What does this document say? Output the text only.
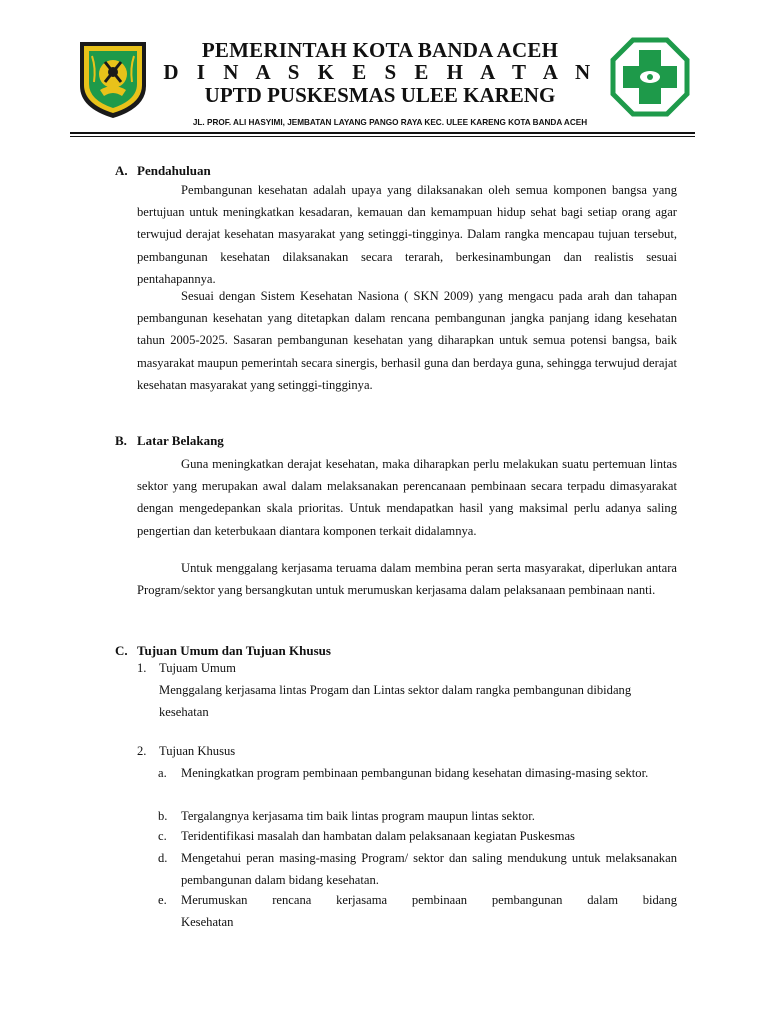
PEMERINTAH KOTA BANDA ACEH
D I N A S K E S E H A T A N
UPTD PUSKESMAS ULEE KARENG
JL. PROF. ALI HASYIMI, JEMBATAN LAYANG PANGO RAYA KEC. ULEE KARENG KOTA BANDA ACEH
A. Pendahuluan
Pembangunan kesehatan adalah upaya yang dilaksanakan oleh semua komponen bangsa yang bertujuan untuk meningkatkan kesadaran, kemauan dan kemampuan hidup sehat bagi setiap orang agar terwujud derajat kesehatan masyarakat yang setinggi-tingginya. Dalam rangka mencapau tujuan tersebut, pembangunan kesehatan dilaksanakan secara terarah, berkesinambungan dan realistis sesuai pentahapannya.
Sesuai dengan Sistem Kesehatan Nasiona ( SKN 2009) yang mengacu pada arah dan tahapan pembangunan kesehatan yang ditetapkan dalam rencana pembangunan jangka panjang idang kesehatan tahun 2005-2025. Sasaran pembangunan kesehatan yang diharapkan untuk semua potensi bangsa, baik masyarakat maupun pemerintah secara sinergis, berhasil guna dan berdaya guna, sehingga terwujud derajat kesehatan masyarakat yang setinggi-tingginya.
B. Latar Belakang
Guna meningkatkan derajat kesehatan, maka diharapkan perlu melakukan suatu pertemuan lintas sektor yang merupakan awal dalam melaksanakan perencanaan pembinaan secara terpadu dimasyarakat dengan mengedepankan skala prioritas. Untuk mendapatkan hasil yang maksimal perlu adanya saling pengertian dan keterbukaan diantara komponen terkait didalamnya.
Untuk menggalang kerjasama teruama dalam membina peran serta masyarakat, diperlukan antara Program/sektor yang bersangkutan untuk merumuskan kerjasama dalam pelaksanaan pembinaan nanti.
C. Tujuan Umum dan Tujuan Khusus
1. Tujuam Umum
Menggalang kerjasama lintas Progam dan Lintas sektor dalam rangka pembangunan dibidang kesehatan
2. Tujuan Khusus
a. Meningkatkan program pembinaan pembangunan bidang kesehatan dimasing-masing sektor.
b. Tergalangnya kerjasama tim baik lintas program maupun lintas sektor.
c. Teridentifikasi masalah dan hambatan dalam pelaksanaan kegiatan Puskesmas
d. Mengetahui peran masing-masing Program/ sektor dan saling mendukung untuk melaksanakan pembangunan dalam bidang kesehatan.
e. Merumuskan rencana kerjasama pembinaan pembangunan dalam bidang Kesehatan
